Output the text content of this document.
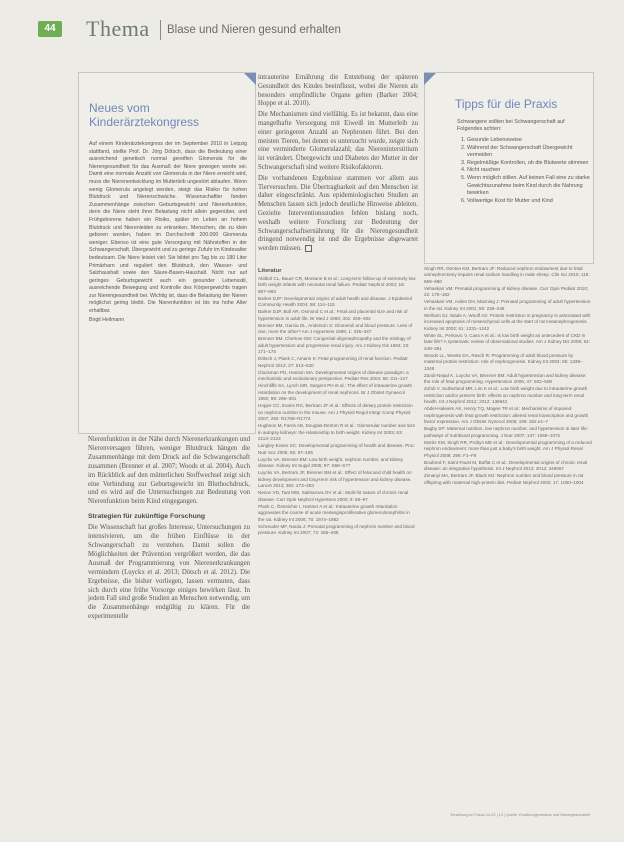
44 Thema Blase und Nieren gesund erhalten
Neues vom Kinderärztekongress
Auf einem Kinderärztekongress der im September 2010 in Leipzig stattfand, stellte Prof. Dr. Jörg Dötsch, dass die Bedeutung einer ausreichend genetisch normal gereiften Glomerula für die Nierengesundheit für das Ausmaß der Niere gewogen werde sei. Damit eine normale Anzahl von Glomerula in der Niere erreicht wird, muss die Nierenentwicklung im Mutterleib ungestört ablaufen. Wenn wenig Glomerula angelegt werden, steigt das Risiko für hohen Blutdruck und Nierenschwäche. Wissenschaftler fanden Zusammenhänge zwischen Geburtsgewicht und Nierenfunktion, denn die Niere steht ihrer Belastung nicht allein gegenüber, und Frühgeborene haben ein Risiko, später im Leben an hohem Blutdruck und Nierenleiden zu erkranken. Menschen, die zu klein geboren wurden, haben im Durchschnitt 200.000 Glomerula weniger. Ebenso ist eine gute Versorgung mit Nährstoffen in der Schwangerschaft, Übergewicht und zu geringe Zufuhr im Kindesalter bedeutsam. Die Niere leistet viel: Sie bildet pro Tag bis zu 180 Liter Primärharn und reguliert den Blutdruck, den Wasser- und Salzhaushalt sowie den Säure-Basen-Haushalt. Nicht nur auf geringes Geburtsgewicht auch ein gesunder Lebensstil, ausreichende Bewegung und Kontrolle des Körpergewichts tragen zur Nierengesundheit bei. Wichtig ist, dass die Belastung der Nieren möglichst gering bleibt. Die Nierenfunktion ist bis ins hohe Alter erhaltbar.
Birgit Heilmann

intrauterine Ernährung die Entstehung der späteren Gesundheit des Kindes beeinflusst, wobei die Nieren als besonders empfindliche Organe gelten (Barker 2004; Hoppe et al. 2010).

Die Mechanismen sind vielfältig. Es ist bekannt, dass eine mangelhafte Versorgung mit Eiweiß im Mutterleib zu einer geringeren Anzahl an Nephronen führt. Bei den meisten Tieren, bei denen es untersucht wurde, zeigte sich eine verminderte Glomerulazahl; das Niereninterstitium ist verändert. Übergewicht und Diabetes der Mutter in der Schwangerschaft sind weitere Risikofaktoren.

Die vorhandenen Ergebnisse stammen vor allem aus Tierversuchen. Die Übertragbarkeit auf den Menschen ist daher eingeschränkt. Aus epidemiologischen Studien an Menschen lassen sich jedoch deutliche Hinweise ableiten. Gezielte Interventionsstudien fehlen bislang noch, weshalb weitere Forschung zur Bedeutung der Schwangerschaftsernährung für die Nierengesundheit dringend notwendig ist und die Ergebnisse abgewartet werden müssen.

Tipps für die Praxis
Schwangere sollten bei Schwangerschaft auf Folgendes achten:
1. Gesunde Lebensweise
2. Während der Schwangerschaft Übergewicht vermeiden
3. Regelmäßige Kontrollen, ob die Blutwerte stimmen
4. Nicht rauchen
5. Wenn möglich stillen. Auf keinen Fall eine zu starke Gewichtszunahme beim Kind durch die Nahrung bewirken
6. Vollwertige Kost für Mutter und Kind
Literatur
Abitbol CL, Bauer CR, Montane B et al.: Long-term follow-up of extremely low birth weight infants with neonatal renal failure. Pediatr Nephrol 2003; 18: 887–893
Barker DJP: Developmental origins of adult health and disease. J Epidemiol Community Health 2004; 58: 114–115
Barker DJP, Bull AR, Osmond C et al.: Fetal and placental size and risk of hypertension in adult life. Br Med J 1990; 301: 259–262
Brenner BM, Garcia DL, Anderson S: Glomeruli and blood pressure. Less of one, more the other? Am J Hypertens 1988; 1: 335–347
Brenner BM, Chertow GM: Congenital oligonephropathy and the etiology of adult hypertension and progressive renal injury. Am J Kidney Dis 1994; 23: 171–175
Dötsch J, Plank C, Amann K: Fetal programming of renal function. Pediatr Nephrol 2012; 27: 513–520
Gluckman PD, Hanson MA: Developmental origins of disease paradigm: a mechanistic and evolutionary perspective. Pediatr Res 2004; 56: 311–317
Hinchliffe SA, Lynch MR, Sargent PH et al.: The effect of intrauterine growth retardation on the development of renal nephrons. Br J Obstet Gynaecol 1992; 99: 296–301
Hoppe CC, Evans RG, Bertram JF et al.: Effects of dietary protein restriction on nephron number in the mouse. Am J Physiol Regul Integr Comp Physiol 2007; 292: R1768–R1774
Hughson M, Farris AB, Douglas-Denton R et al.: Glomerular number and size in autopsy kidneys: the relationship to birth weight. Kidney Int 2003; 63: 2113–2122
Langley-Evans SC: Developmental programming of health and disease. Proc Nutr Soc 2006; 65: 97–105
Luyckx VA, Brenner BM: Low birth weight, nephron number, and kidney disease. Kidney Int Suppl 2005; 97: S68–S77
Luyckx VA, Bertram JF, Brenner BM et al.: Effect of fetal and child health on kidney development and long-term risk of hypertension and kidney disease. Lancet 2013; 382: 273–283
Nenov VD, Taal MW, Sakharova OV et al.: Multi-hit nature of chronic renal disease. Curr Opin Nephrol Hypertens 2000; 9: 85–97
Plank C, Östreicher I, Hartner A et al.: Intrauterine growth retardation aggravates the course of acute mesangioproliferative glomerulonephritis in the rat. Kidney Int 2006; 70: 1974–1982
Schreuder MF, Nauta J: Prenatal programming of nephron number and blood pressure. Kidney Int 2007; 72: 265–268
Singh RR, Denton KM, Bertram JF: Reduced nephron endowment due to fetal uninephrectomy impairs renal sodium handling in male sheep. Clin Sci 2010; 118: 669–680
Vehaskari VM: Prenatal programming of kidney disease. Curr Opin Pediatr 2010; 22: 176–182
Vehaskari VM, Aviles DH, Manning J: Prenatal programming of adult hypertension in the rat. Kidney Int 2001; 59: 238–245
Welham SJ, Wade A, Woolf AS: Protein restriction in pregnancy is associated with increased apoptosis of mesenchymal cells at the start of rat metanephrogenesis. Kidney Int 2002; 61: 1231–1242
White SL, Perkovic V, Cass A et al.: Is low birth weight an antecedent of CKD in later life? A systematic review of observational studies. Am J Kidney Dis 2009; 54: 248–261
Woods LL, Weeks DA, Rasch R: Programming of adult blood pressure by maternal protein restriction: role of nephrogenesis. Kidney Int 2004; 65: 1339–1348
Zandi-Nejad K, Luyckx VA, Brenner BM: Adult hypertension and kidney disease: the role of fetal programming. Hypertension 2006; 47: 502–508
Zohdi V, Sutherland MR, Lim K et al.: Low birth weight due to intrauterine growth restriction and/or preterm birth: effects on nephron number and long-term renal health. Int J Nephrol 2012; 2012: 136942
Abdel-Hakeem AK, Henry TQ, Magee TR et al.: Mechanisms of impaired nephrogenesis with fetal growth restriction: altered renal transcription and growth factor expression. Am J Obstet Gynecol 2008; 199: 252.e1–7
Bagby SP: Maternal nutrition, low nephron number, and hypertension in later life: pathways of nutritional programming. J Nutr 2007; 137: 1066–1072
Moritz KM, Singh RR, Probyn ME et al.: Developmental programming of a reduced nephron endowment: more than just a baby's birth weight. Am J Physiol Renal Physiol 2009; 296: F1–F9
Boubred F, Saint-Faust M, Buffat C et al.: Developmental origins of chronic renal disease: an integrative hypothesis. Int J Nephrol 2013; 2013: 346067
Zimanyi MA, Bertram JF, Black MJ: Nephron number and blood pressure in rat offspring with maternal high-protein diet. Pediatr Nephrol 2002; 17: 1000–1004

Nierenfunktion in der Nähe durch Nierenerkrankungen und Nierenversagen führen, weniger Blutdruck hängen die Zusammenhänge mit dem Druck auf die Schwangerschaft zusammen (Brenner et al. 2007; Woods et al. 2004). Auch im Rückblick auf den mütterlichen Stoffwechsel zeigt sich eine Verbindung zur Geburtsgewicht im Bluthochdruck, und es wird auf die Untersuchungen zur Bedeutung von Nierenfunktion beim Kind eingegangen.

Strategien für zukünftige Forschung

Die Wissenschaft hat großes Interesse, Untersuchungen zu intensivieren, um die frühen Einflüsse in der Schwangerschaft zu verstehen. Damit sollen die Möglichkeiten der Prävention vergrößert werden, die das Ausmaß der Programmierung von Nierenerkrankungen vermindern (Luyckx et al. 2013; Dötsch et al. 2012). Die Ergebnisse, die bisher vorliegen, lassen vermuten, dass sich durch eine frühe Vorsorge einiges bewirken lässt. In jedem Fall sind große Studien an Menschen notwendig, um die Zusammenhänge endgültig zu klären. Für die experimentelle

Ernährung im Fokus 14-02 | 14 | Quelle: Ernährungsmedizin und Nierengesundheit
